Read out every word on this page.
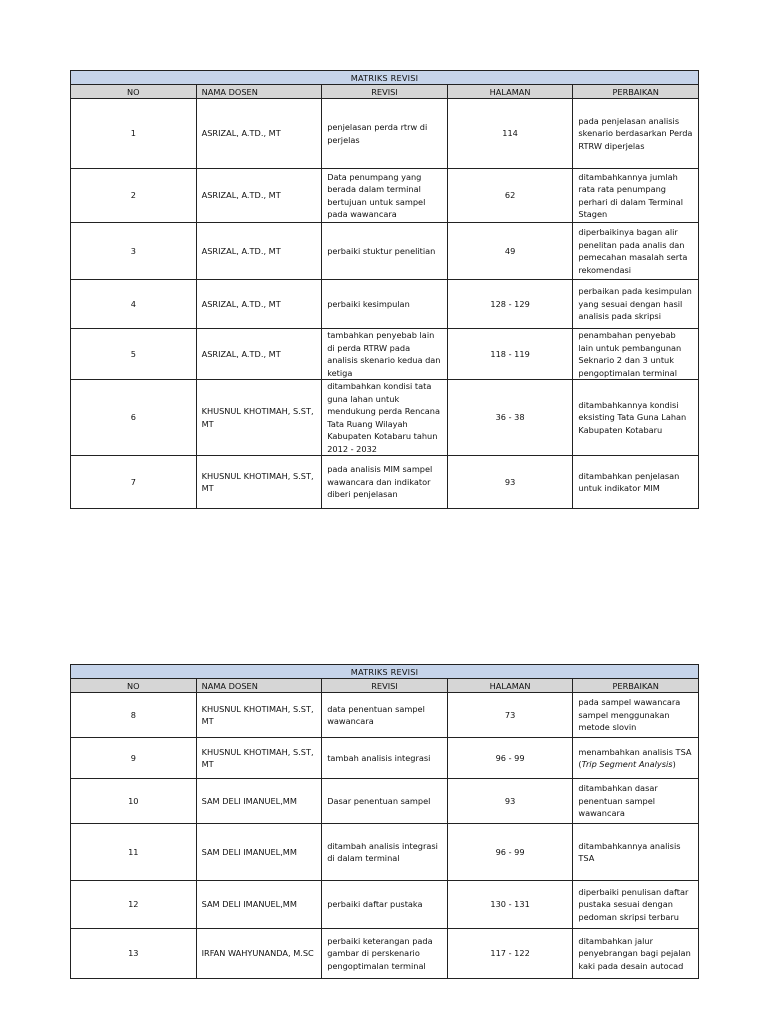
MATRIKS REVISI				
NO	NAMA DOSEN	REVISI	HALAMAN	PERBAIKAN
1	ASRIZAL, A.TD., MT	penjelasan perda rtrw di perjelas	114	pada penjelasan analisis skenario berdasarkan Perda RTRW diperjelas
2	ASRIZAL, A.TD., MT	Data penumpang yang berada dalam terminal bertujuan untuk sampel pada wawancara	62	ditambahkannya jumlah rata rata penumpang perhari di dalam Terminal Stagen
3	ASRIZAL, A.TD., MT	perbaiki stuktur penelitian	49	diperbaikinya bagan alir penelitan pada analis dan pemecahan masalah serta rekomendasi
4	ASRIZAL, A.TD., MT	perbaiki kesimpulan	128 - 129	perbaikan pada kesimpulan yang sesuai dengan hasil analisis pada skripsi
5	ASRIZAL, A.TD., MT	tambahkan penyebab lain di perda RTRW pada analisis skenario kedua dan ketiga	118 - 119	penambahan penyebab lain untuk pembangunan Seknario 2 dan 3 untuk pengoptimalan terminal
6	KHUSNUL KHOTIMAH, S.ST, MT	ditambahkan kondisi tata guna lahan untuk mendukung perda Rencana Tata Ruang Wilayah Kabupaten Kotabaru tahun 2012 - 2032	36 - 38	ditambahkannya kondisi eksisting Tata Guna Lahan Kabupaten Kotabaru
7	KHUSNUL KHOTIMAH, S.ST, MT	pada analisis MIM sampel wawancara dan indikator diberi penjelasan	93	ditambahkan penjelasan untuk indikator MIM
MATRIKS REVISI				
NO	NAMA DOSEN	REVISI	HALAMAN	PERBAIKAN
8	KHUSNUL KHOTIMAH, S.ST, MT	data penentuan sampel wawancara	73	pada sampel wawancara sampel menggunakan metode slovin
9	KHUSNUL KHOTIMAH, S.ST, MT	tambah analisis integrasi	96 - 99	menambahkan analisis TSA (Trip Segment Analysis)
10	SAM DELI IMANUEL,MM	Dasar penentuan sampel	93	ditambahkan dasar penentuan sampel wawancara
11	SAM DELI IMANUEL,MM	ditambah analisis integrasi di dalam terminal	96 - 99	ditambahkannya analisis TSA
12	SAM DELI IMANUEL,MM	perbaiki daftar pustaka	130 - 131	diperbaiki penulisan daftar pustaka sesuai dengan pedoman skripsi terbaru
13	IRFAN WAHYUNANDA, M.SC	perbaiki keterangan pada gambar di perskenario pengoptimalan terminal	117 - 122	ditambahkan jalur penyebrangan bagi pejalan kaki pada desain autocad
